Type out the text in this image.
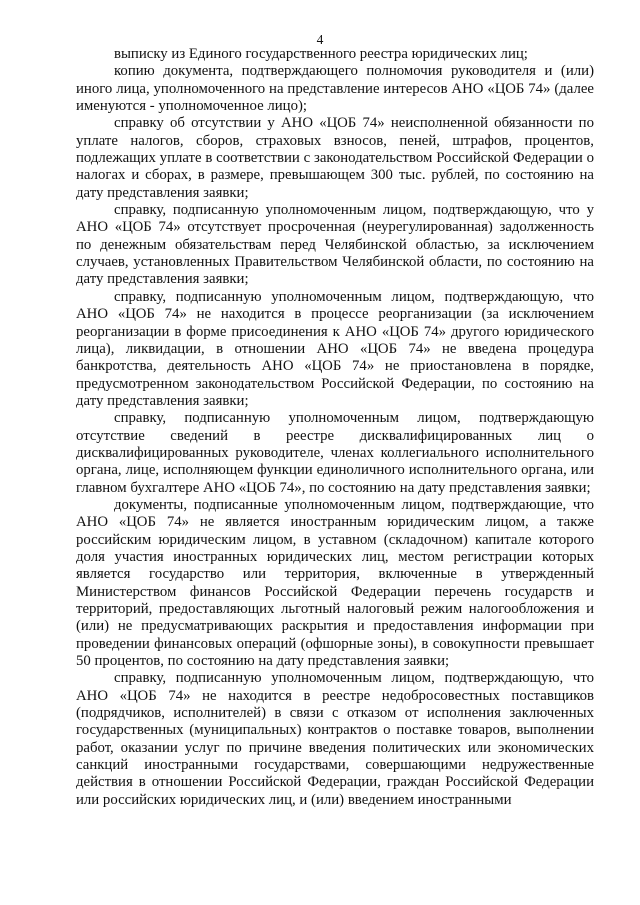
4

выписку из Единого государственного реестра юридических лиц;

копию документа, подтверждающего полномочия руководителя и (или) иного лица, уполномоченного на представление интересов АНО «ЦОБ 74» (далее именуются - уполномоченное лицо);

справку об отсутствии у АНО «ЦОБ 74» неисполненной обязанности по уплате налогов, сборов, страховых взносов, пеней, штрафов, процентов, подлежащих уплате в соответствии с законодательством Российской Федерации о налогах и сборах, в размере, превышающем 300 тыс. рублей, по состоянию на дату представления заявки;

справку, подписанную уполномоченным лицом, подтверждающую, что у АНО «ЦОБ 74» отсутствует просроченная (неурегулированная) задолженность по денежным обязательствам перед Челябинской областью, за исключением случаев, установленных Правительством Челябинской области, по состоянию на дату представления заявки;

справку, подписанную уполномоченным лицом, подтверждающую, что АНО «ЦОБ 74» не находится в процессе реорганизации (за исключением реорганизации в форме присоединения к АНО «ЦОБ 74» другого юридического лица), ликвидации, в отношении АНО «ЦОБ 74» не введена процедура банкротства, деятельность АНО «ЦОБ 74» не приостановлена в порядке, предусмотренном законодательством Российской Федерации, по состоянию на дату представления заявки;

справку, подписанную уполномоченным лицом, подтверждающую отсутствие сведений в реестре дисквалифицированных лиц о дисквалифицированных руководителе, членах коллегиального исполнительного органа, лице, исполняющем функции единоличного исполнительного органа, или главном бухгалтере АНО «ЦОБ 74», по состоянию на дату представления заявки;

документы, подписанные уполномоченным лицом, подтверждающие, что АНО «ЦОБ 74» не является иностранным юридическим лицом, а также российским юридическим лицом, в уставном (складочном) капитале которого доля участия иностранных юридических лиц, местом регистрации которых является государство или территория, включенные в утвержденный Министерством финансов Российской Федерации перечень государств и территорий, предоставляющих льготный налоговый режим налогообложения и (или) не предусматривающих раскрытия и предоставления информации при проведении финансовых операций (офшорные зоны), в совокупности превышает 50 процентов, по состоянию на дату представления заявки;

справку, подписанную уполномоченным лицом, подтверждающую, что АНО «ЦОБ 74» не находится в реестре недобросовестных поставщиков (подрядчиков, исполнителей) в связи с отказом от исполнения заключенных государственных (муниципальных) контрактов о поставке товаров, выполнении работ, оказании услуг по причине введения политических или экономических санкций иностранными государствами, совершающими недружественные действия в отношении Российской Федерации, граждан Российской Федерации или российских юридических лиц, и (или) введением иностранными
